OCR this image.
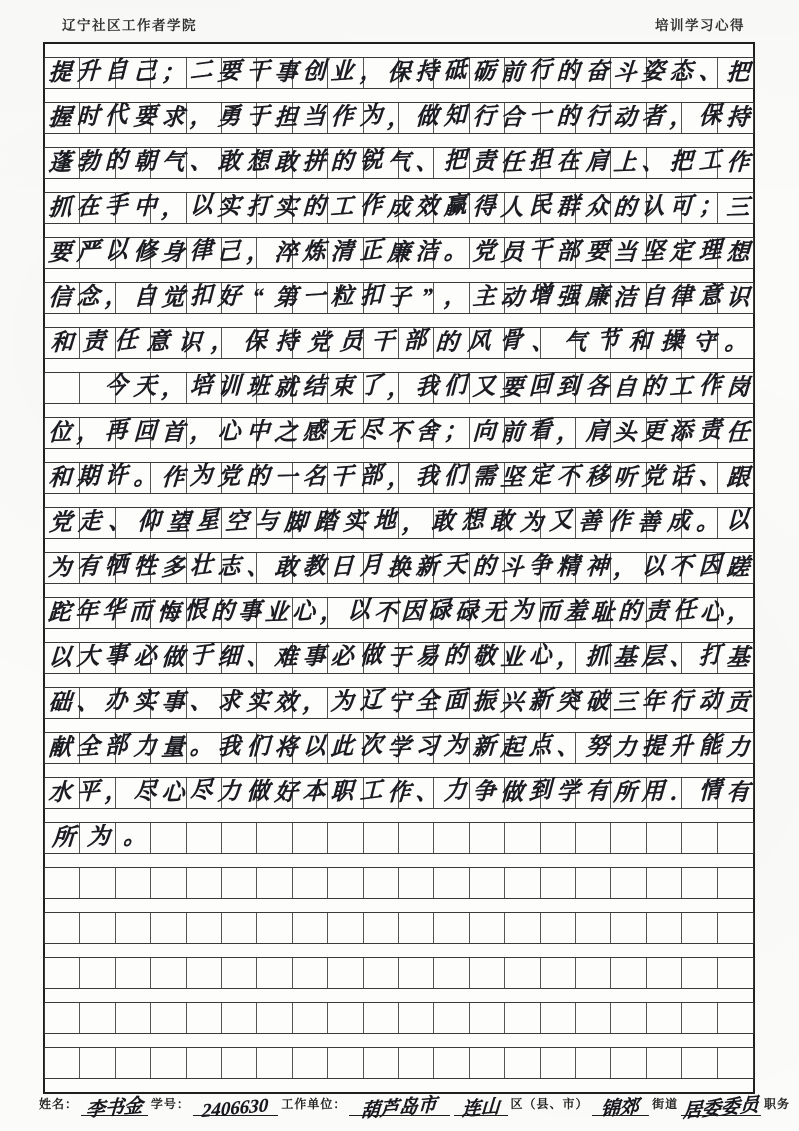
辽宁社区工作者学院	培训学习心得
提 升 自 己 ； 二 要 干 事 创 业 ， 保 持 砥 砺 前 行 的 奋 斗 姿 态 、 把
握 时 代 要 求 ， 勇 于 担 当 作 为 ， 做 知 行 合 一 的 行 动 者 ， 保 持
蓬 勃 的 朝 气 、 敢 想 敢 拼 的 锐 气 、 把 责 任 担 在 肩 上 、 把 工 作
抓 在 手 中 ， 以 实 打 实 的 工 作 成 效 赢 得 人 民 群 众 的 认 可 ； 三
要 严 以 修 身 律 己 ， 淬 炼 清 正 廉 洁 。 党 员 干 部 要 当 坚 定 理 想
信 念 ， 自 觉 扣 好 “ 第 一 粒 扣 子 ” ， 主 动 增 强 廉 洁 自 律 意 识
和 责 任 意 识 ， 保 持 党 员 干 部 的 风 骨 、 气 节 和 操 守 。

今 天 ， 培 训 班 就 结 束 了 ， 我 们 又 要 回 到 各 自 的 工 作 岗
位 ， 再 回 首 ， 心 中 之 感 无 尽 不 舍 ； 向 前 看 ， 肩 头 更 添 责 任
和 期 许 。 作 为 党 的 一 名 干 部 ， 我 们 需 坚 定 不 移 听 党 话 、 跟
党 走 、 仰 望 星 空 与 脚 踏 实 地 ， 敢 想 敢 为 又 善 作 善 成 。 以
为 有 牺 牲 多 壮 志 、 敢 教 日 月 换 新 天 的 斗 争 精 神 ， 以 不 因 蹉
跎 年 华 而 悔 恨 的 事 业 心 ， 以 不 因 碌 碌 无 为 而 羞 耻 的 责 任 心 ，
以 大 事 必 做 于 细 、 难 事 必 做 于 易 的 敬 业 心 ， 抓 基 层 、 打 基
础 、 办 实 事 、 求 实 效 ， 为 辽 宁 全 面 振 兴 新 突 破 三 年 行 动 贡
献 全 部 力 量 。 我 们 将 以 此 次 学 习 为 新 起 点 、 努 力 提 升 能 力
水 平 ， 尽 心 尽 力 做 好 本 职 工 作 、 力 争 做 到 学 有 所 用 ． 情 有
所 为 。
姓名： 李书金 学号： 2406630 工作单位： 葫芦岛市 连山 区（县、市） 锦郊 街道 居委委员 职务
